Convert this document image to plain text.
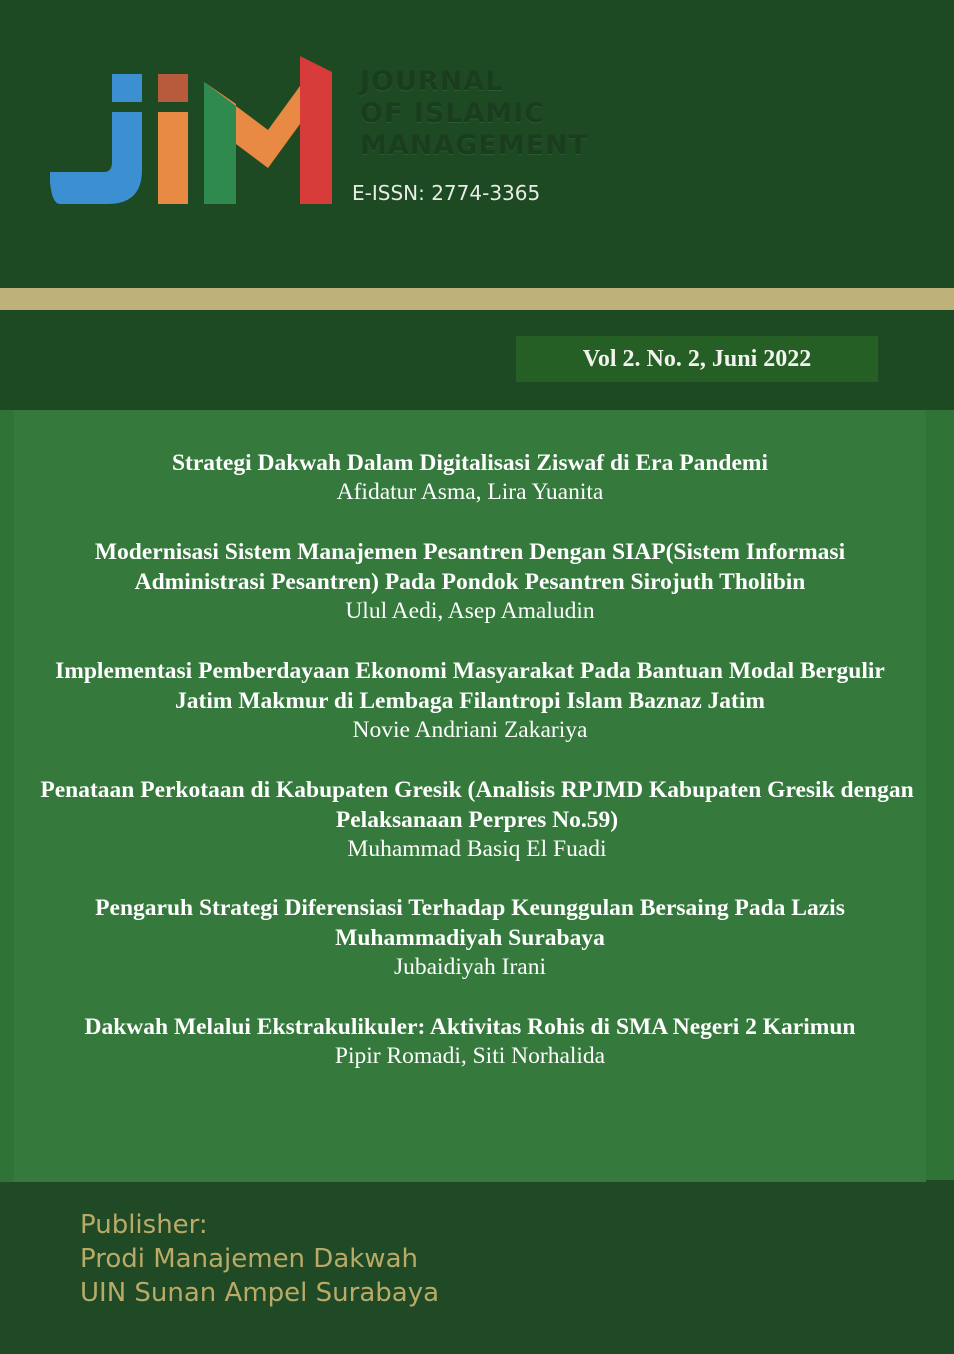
JOURNAL
OF ISLAMIC
MANAGEMENT
E-ISSN: 2774-3365
Vol 2. No. 2, Juni 2022
Strategi Dakwah Dalam Digitalisasi Ziswaf di Era Pandemi
Afidatur Asma, Lira Yuanita
Modernisasi Sistem Manajemen Pesantren Dengan SIAP(Sistem Informasi Administrasi Pesantren) Pada Pondok Pesantren Sirojuth Tholibin
Ulul Aedi, Asep Amaludin
Implementasi Pemberdayaan Ekonomi Masyarakat Pada Bantuan Modal Bergulir Jatim Makmur di Lembaga Filantropi Islam Baznaz Jatim
Novie Andriani Zakariya
Penataan Perkotaan di Kabupaten Gresik (Analisis RPJMD Kabupaten Gresik dengan Pelaksanaan Perpres No.59)
Muhammad Basiq El Fuadi
Pengaruh Strategi Diferensiasi Terhadap Keunggulan Bersaing Pada Lazis Muhammadiyah Surabaya
Jubaidiyah Irani
Dakwah Melalui Ekstrakulikuler: Aktivitas Rohis di SMA Negeri 2 Karimun
Pipir Romadi, Siti Norhalida
Publisher:
Prodi Manajemen Dakwah
UIN Sunan Ampel Surabaya
